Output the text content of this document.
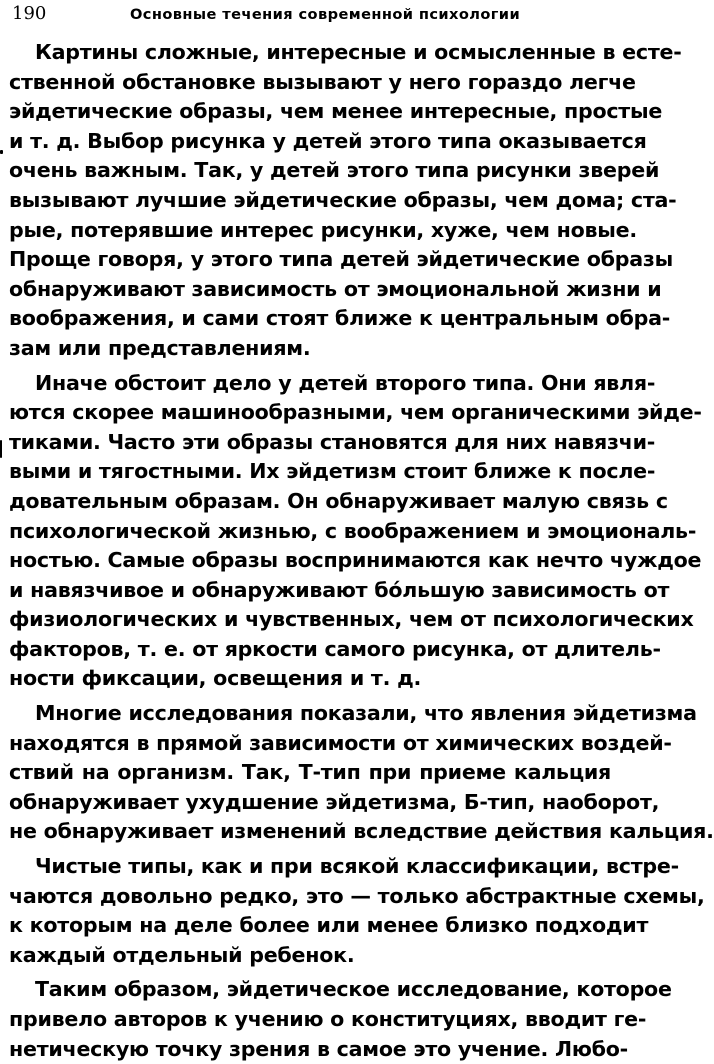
190	Основные течения современной психологии
Картины сложные, интересные и осмысленные в есте-
ственной обстановке вызывают у него гораздо легче
эйдетические образы, чем менее интересные, простые
и т. д. Выбор рисунка у детей этого типа оказывается
очень важным. Так, у детей этого типа рисунки зверей
вызывают лучшие эйдетические образы, чем дома; ста-
рые, потерявшие интерес рисунки, хуже, чем новые.
Проще говоря, у этого типа детей эйдетические образы
обнаруживают зависимость от эмоциональной жизни и
воображения, и сами стоят ближе к центральным обра-
зам или представлениям.
Иначе обстоит дело у детей второго типа. Они явля-
ются скорее машинообразными, чем органическими эйде-
тиками. Часто эти образы становятся для них навязчи-
выми и тягостными. Их эйдетизм стоит ближе к после-
довательным образам. Он обнаруживает малую связь с
психологической жизнью, с воображением и эмоциональ-
ностью. Самые образы воспринимаются как нечто чуждое
и навязчивое и обнаруживают бо́льшую зависимость от
физиологических и чувственных, чем от психологических
факторов, т. е. от яркости самого рисунка, от длитель-
ности фиксации, освещения и т. д.
Многие исследования показали, что явления эйдетизма
находятся в прямой зависимости от химических воздей-
ствий на организм. Так, Т-тип при приеме кальция
обнаруживает ухудшение эйдетизма, Б-тип, наоборот,
не обнаруживает изменений вследствие действия кальция.
Чистые типы, как и при всякой классификации, встре-
чаются довольно редко, это — только абстрактные схемы,
к которым на деле более или менее близко подходит
каждый отдельный ребенок.
Таким образом, эйдетическое исследование, которое
привело авторов к учению о конституциях, вводит ге-
нетическую точку зрения в самое это учение. Любо-
